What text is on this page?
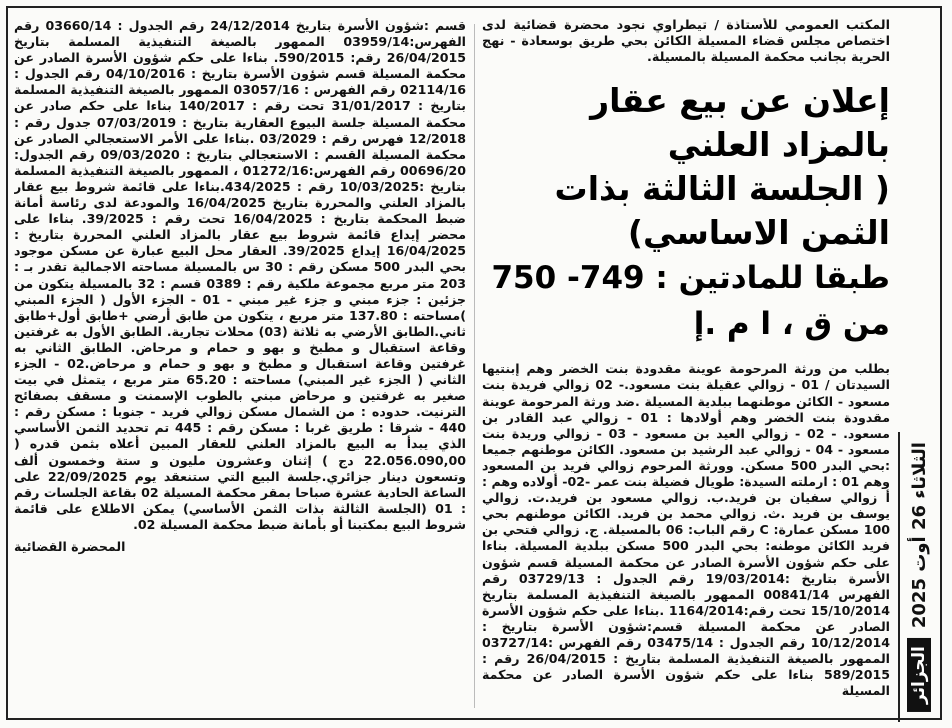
قسم :شؤون الأسرة بتاريخ 24/12/2014 رقم الجدول : 03660/14 رقم الفهرس:03959/14 الممهور بالصيغة التنفيذية المسلمة بتاريخ 26/04/2015 رقم: 590/2015. بناءا على حكم شؤون الأسرة الصادر عن محكمة المسيلة قسم شؤون الأسرة بتاريخ : 04/10/2016 رقم الجدول : 02114/16 رقم الفهرس : 03057/16 الممهور بالصيغة التنفيذية المسلمة بتاريخ : 31/01/2017 تحت رقم : 140/2017 بناءا على حكم صادر عن محكمة المسيلة جلسة البيوع العقارية بتاريخ : 07/03/2019 جدول رقم : 12/2018 فهرس رقم : 03/2029 .بناءا على الأمر الاستعجالي الصادر عن محكمة المسيلة القسم : الاستعجالي بتاريخ : 09/03/2020 رقم الجدول: 00696/20 رقم الفهرس:01272/16 ، الممهور بالصيغة التنفيذية المسلمة بتاريخ :10/03/2025 رقم : 434/2025.بناءا على قائمة شروط بيع عقار بالمزاد العلني والمحررة بتاريخ 16/04/2025 والمودعة لدى رئاسة أمانة ضبط المحكمة بتاريخ : 16/04/2025 تحت رقم : 39/2025. بناءا على محضر إيداع قائمة شروط بيع عقار بالمزاد العلني المحررة بتاريخ : 16/04/2025 إيداع 39/2025. العقار محل البيع عبارة عن مسكن موجود بحي البدر 500 مسكن رقم : 30 س بالمسيلة مساحته الاجمالية تقدر بـ : 203 متر مربع مجموعة ملكية رقم : 0389 قسم : 32 بالمسيلة يتكون من جزئين : جزء مبني و جزء غير مبني - 01 - الجزء الأول ( الجزء المبني )مساحته : 137.80 متر مربع ، يتكون من طابق أرضي +طابق أول+طابق ثاني.الطابق الأرضي به ثلاثة (03) محلات تجارية. الطابق الأول به غرفتين وقاعة استقبال و مطبخ و بهو و حمام و مرحاض. الطابق الثاني به غرفتين وقاعة استقبال و مطبخ و بهو و حمام و مرحاض.02 - الجزء الثاني ( الجزء غير المبني) مساحته : 65.20 متر مربع ، يتمثل في بيت صغير به غرفتين و مرحاض مبني بالطوب الإسمنت و مسقف بصفائح الترنيت. حدوده : من الشمال مسكن زوالي فريد - جنوبا : مسكن رقم : 440 - شرقا : طريق غربا : مسكن رقم : 445 تم تحديد الثمن الأساسي الذي يبدأ به البيع بالمزاد العلني للعقار المبين أعلاه بثمن قدره ( 22.056.090,00 دج ) إثنان وعشرون مليون و ستة وخمسون ألف وتسعون دينار جزائري.جلسة البيع التي ستنعقد يوم 22/09/2025 على الساعة الحادية عشرة صباحا بمقر محكمة المسيلة 02 بقاعة الجلسات رقم : 01 (الجلسة الثالثة بذات الثمن الأساسي) يمكن الاطلاع على قائمة شروط البيع بمكتبنا أو بأمانة ضبط محكمة المسيلة 02.
المحضرة القضائية
المكتب العمومي للأستاذة / تيطراوي نجود محضرة قضائية لدى اختصاص مجلس قضاء المسيلة الكائن بحي طريق بوسعادة - نهج الحرية بجانب محكمة المسيلة بالمسيلة.
إعلان عن بيع عقار بالمزاد العلني
( الجلسة الثالثة بذات الثمن الاساسي)
طبقا للمادتين : 749- 750 من ق ، ا م .إ
بطلب من ورثة المرحومة عوينة مقدودة بنت الخضر وهم إبنتيها السيدتان / 01 - زوالي عقيلة بنت مسعود.- 02 زوالي فريدة بنت مسعود - الكائن موطنهما ببلدية المسيلة .ضد ورثة المرحومة عوينة مقدودة بنت الخضر وهم أولادها : 01 - زوالي عبد القادر بن مسعود. - 02 - زوالي العيد بن مسعود - 03 - زوالي وريدة بنت مسعود - 04 - زوالي عبد الرشيد بن مسعود. الكائن موطنهم جميعا :بحي البدر 500 مسكن. وورثة المرحوم زوالي فريد بن المسعود وهم 01 : ارملته السيدة: طويال فضيلة بنت عمر -02- أولاده وهم : أ زوالي سفيان بن فريد.ب. زوالي مسعود بن فريد.ت. زوالي يوسف بن فريد .ث. زوالي محمد بن فريد. الكائن موطنهم بحي 100 مسكن عمارة: C رقم الباب: 06 بالمسيلة. ج. زوالي فتحي بن فريد الكائن موطنه: بحي البدر 500 مسكن ببلدية المسيلة. بناءا على حكم شؤون الأسرة الصادر عن محكمة المسيلة قسم شؤون الأسرة بتاريخ :19/03/2014 رقم الجدول : 03729/13 رقم الفهرس 00841/14 الممهور بالصيغة التنفيذية المسلمة بتاريخ 15/10/2014 تحت رقم:1164/2014 .بناءا على حكم شؤون الأسرة الصادر عن محكمة المسيلة قسم:شؤون الأسرة بتاريخ : 10/12/2014 رقم الجدول : 03475/14 رقم الفهرس :03727/14 الممهور بالصيغة التنفيذية المسلمة بتاريخ : 26/04/2015 رقم : 589/2015 بناءا على حكم شؤون الأسرة الصادر عن محكمة المسيلة
الثلاثاء 26 أوت 2025
الجزائر
